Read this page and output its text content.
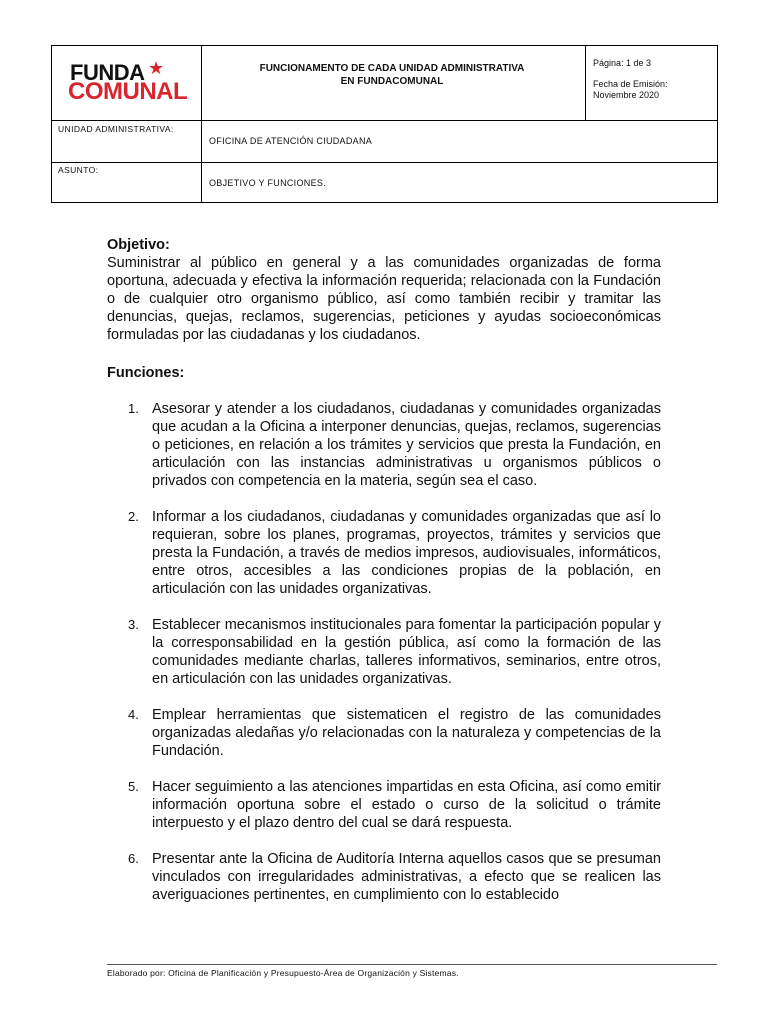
FUNDA ★
COMUNAL
FUNCIONAMENTO DE CADA UNIDAD ADMINISTRATIVA
EN FUNDACOMUNAL
Página: 1 de 3
Fecha de Emisión:
Noviembre 2020
UNIDAD ADMINISTRATIVA:
OFICINA DE ATENCIÓN CIUDADANA
ASUNTO:
OBJETIVO Y FUNCIONES.

Objetivo:

Suministrar al público en general y a las comunidades organizadas de forma oportuna, adecuada y efectiva la información requerida; relacionada con la Fundación o de cualquier otro organismo público, así como también recibir y tramitar las denuncias, quejas, reclamos, sugerencias, peticiones y ayudas socioeconómicas formuladas por las ciudadanas y los ciudadanos.

Funciones:

1. Asesorar y atender a los ciudadanos, ciudadanas y comunidades organizadas que acudan a la Oficina a interponer denuncias, quejas, reclamos, sugerencias o peticiones, en relación a los trámites y servicios que presta la Fundación, en articulación con las instancias administrativas u organismos públicos o privados con competencia en la materia, según sea el caso.
2. Informar a los ciudadanos, ciudadanas y comunidades organizadas que así lo requieran, sobre los planes, programas, proyectos, trámites y servicios que presta la Fundación, a través de medios impresos, audiovisuales, informáticos, entre otros, accesibles a las condiciones propias de la población, en articulación con las unidades organizativas.
3. Establecer mecanismos institucionales para fomentar la participación popular y la corresponsabilidad en la gestión pública, así como la formación de las comunidades mediante charlas, talleres informativos, seminarios, entre otros, en articulación con las unidades organizativas.
4. Emplear herramientas que sistematicen el registro de las comunidades organizadas aledañas y/o relacionadas con la naturaleza y competencias de la Fundación.
5. Hacer seguimiento a las atenciones impartidas en esta Oficina, así como emitir información oportuna sobre el estado o curso de la solicitud o trámite interpuesto y el plazo dentro del cual se dará respuesta.
6. Presentar ante la Oficina de Auditoría Interna aquellos casos que se presuman vinculados con irregularidades administrativas, a efecto que se realicen las averiguaciones pertinentes, en cumplimiento con lo establecido
Elaborado por: Oficina de Planificación y Presupuesto-Área de Organización y Sistemas.
